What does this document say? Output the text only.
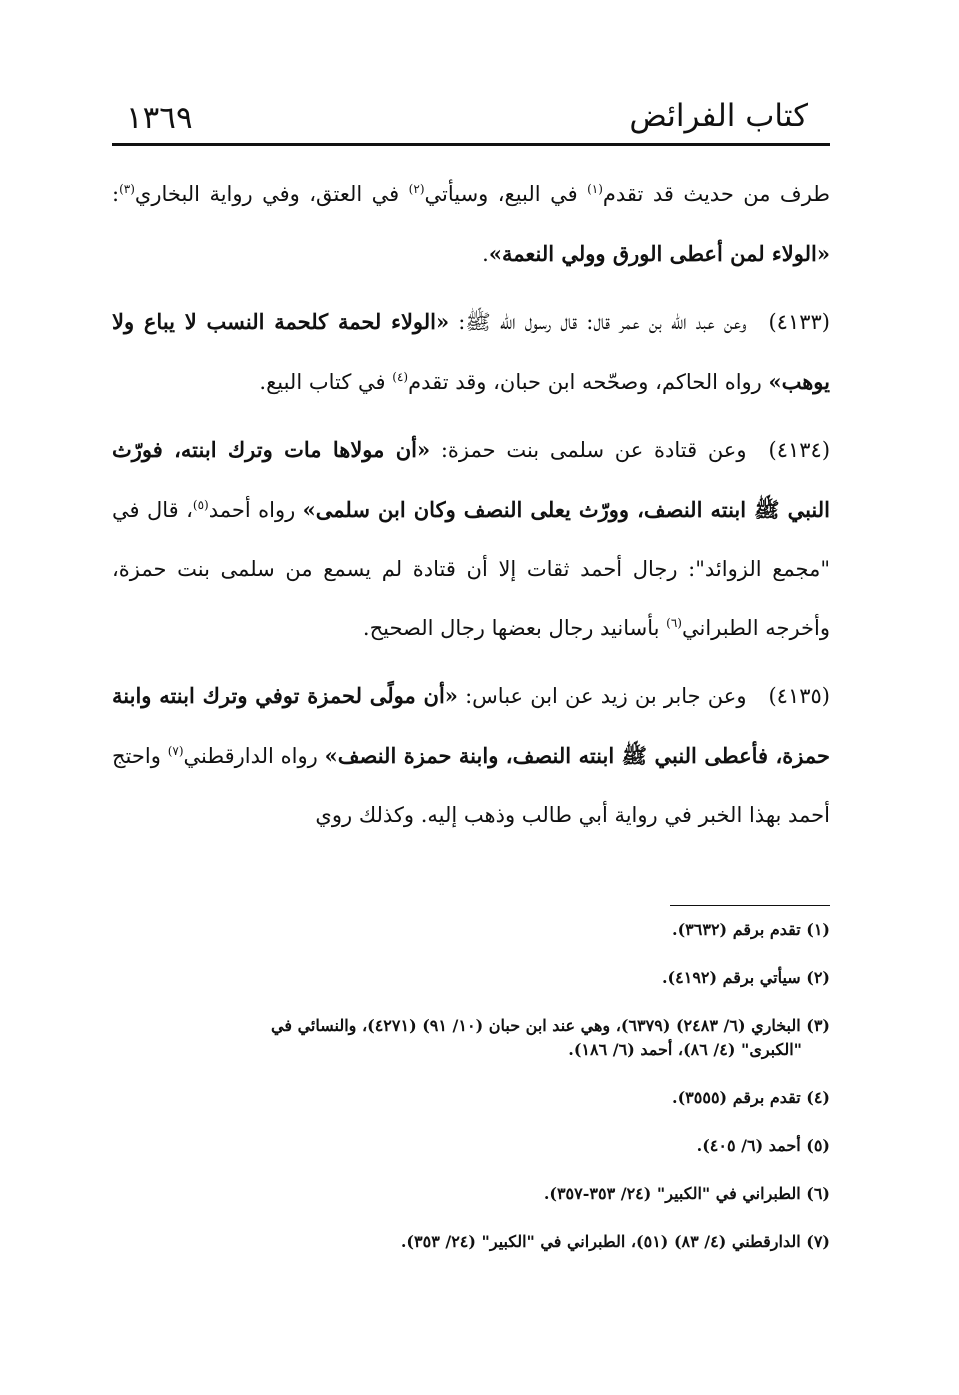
كتاب الفرائض
١٣٦٩

طرف من حديث قد تقدم$^{(١)}$ في البيع، وسيأتي$^{(٢)}$ في العتق، وفي رواية البخاري$^{(٣)}$: «الولاء لمن أعطى الورق وولي النعمة».

(٤١٣٣)وعن عبد الله بن عمر قال: قال رسول الله ﷺ: «الولاء لحمة كلحمة النسب لا يباع ولا يوهب» رواه الحاكم، وصحّحه ابن حبان، وقد تقدم$^{(٤)}$ في كتاب البيع.

(٤١٣٤)وعن قتادة عن سلمى بنت حمزة: «أن مولاها مات وترك ابنته، فورّث النبي ﷺ ابنته النصف، وورّث يعلى النصف وكان ابن سلمى» رواه أحمد$^{(٥)}$، قال في "مجمع الزوائد": رجال أحمد ثقات إلا أن قتادة لم يسمع من سلمى بنت حمزة، وأخرجه الطبراني$^{(٦)}$ بأسانيد رجال بعضها رجال الصحيح.

(٤١٣٥)وعن جابر بن زيد عن ابن عباس: «أن مولًى لحمزة توفي وترك ابنته وابنة حمزة، فأعطى النبي ﷺ ابنته النصف، وابنة حمزة النصف» رواه الدارقطني$^{(٧)}$ واحتج أحمد بهذا الخبر في رواية أبي طالب وذهب إليه. وكذلك روي

(١) تقدم برقم (٣٦٣٢).

(٢) سيأتي برقم (٤١٩٢).

(٣) البخاري (٦/ ٢٤٨٣) (٦٣٧٩)، وهي عند ابن حبان (١٠/ ٩١) (٤٢٧١)، والنسائي في
"الكبرى" (٤/ ٨٦)، أحمد (٦/ ١٨٦).

(٤) تقدم برقم (٣٥٥٥).

(٥) أحمد (٦/ ٤٠٥).

(٦) الطبراني في "الكبير" (٢٤/ ٣٥٣-٣٥٧).

(٧) الدارقطني (٤/ ٨٣) (٥١)، الطبراني في "الكبير" (٢٤/ ٣٥٣).
